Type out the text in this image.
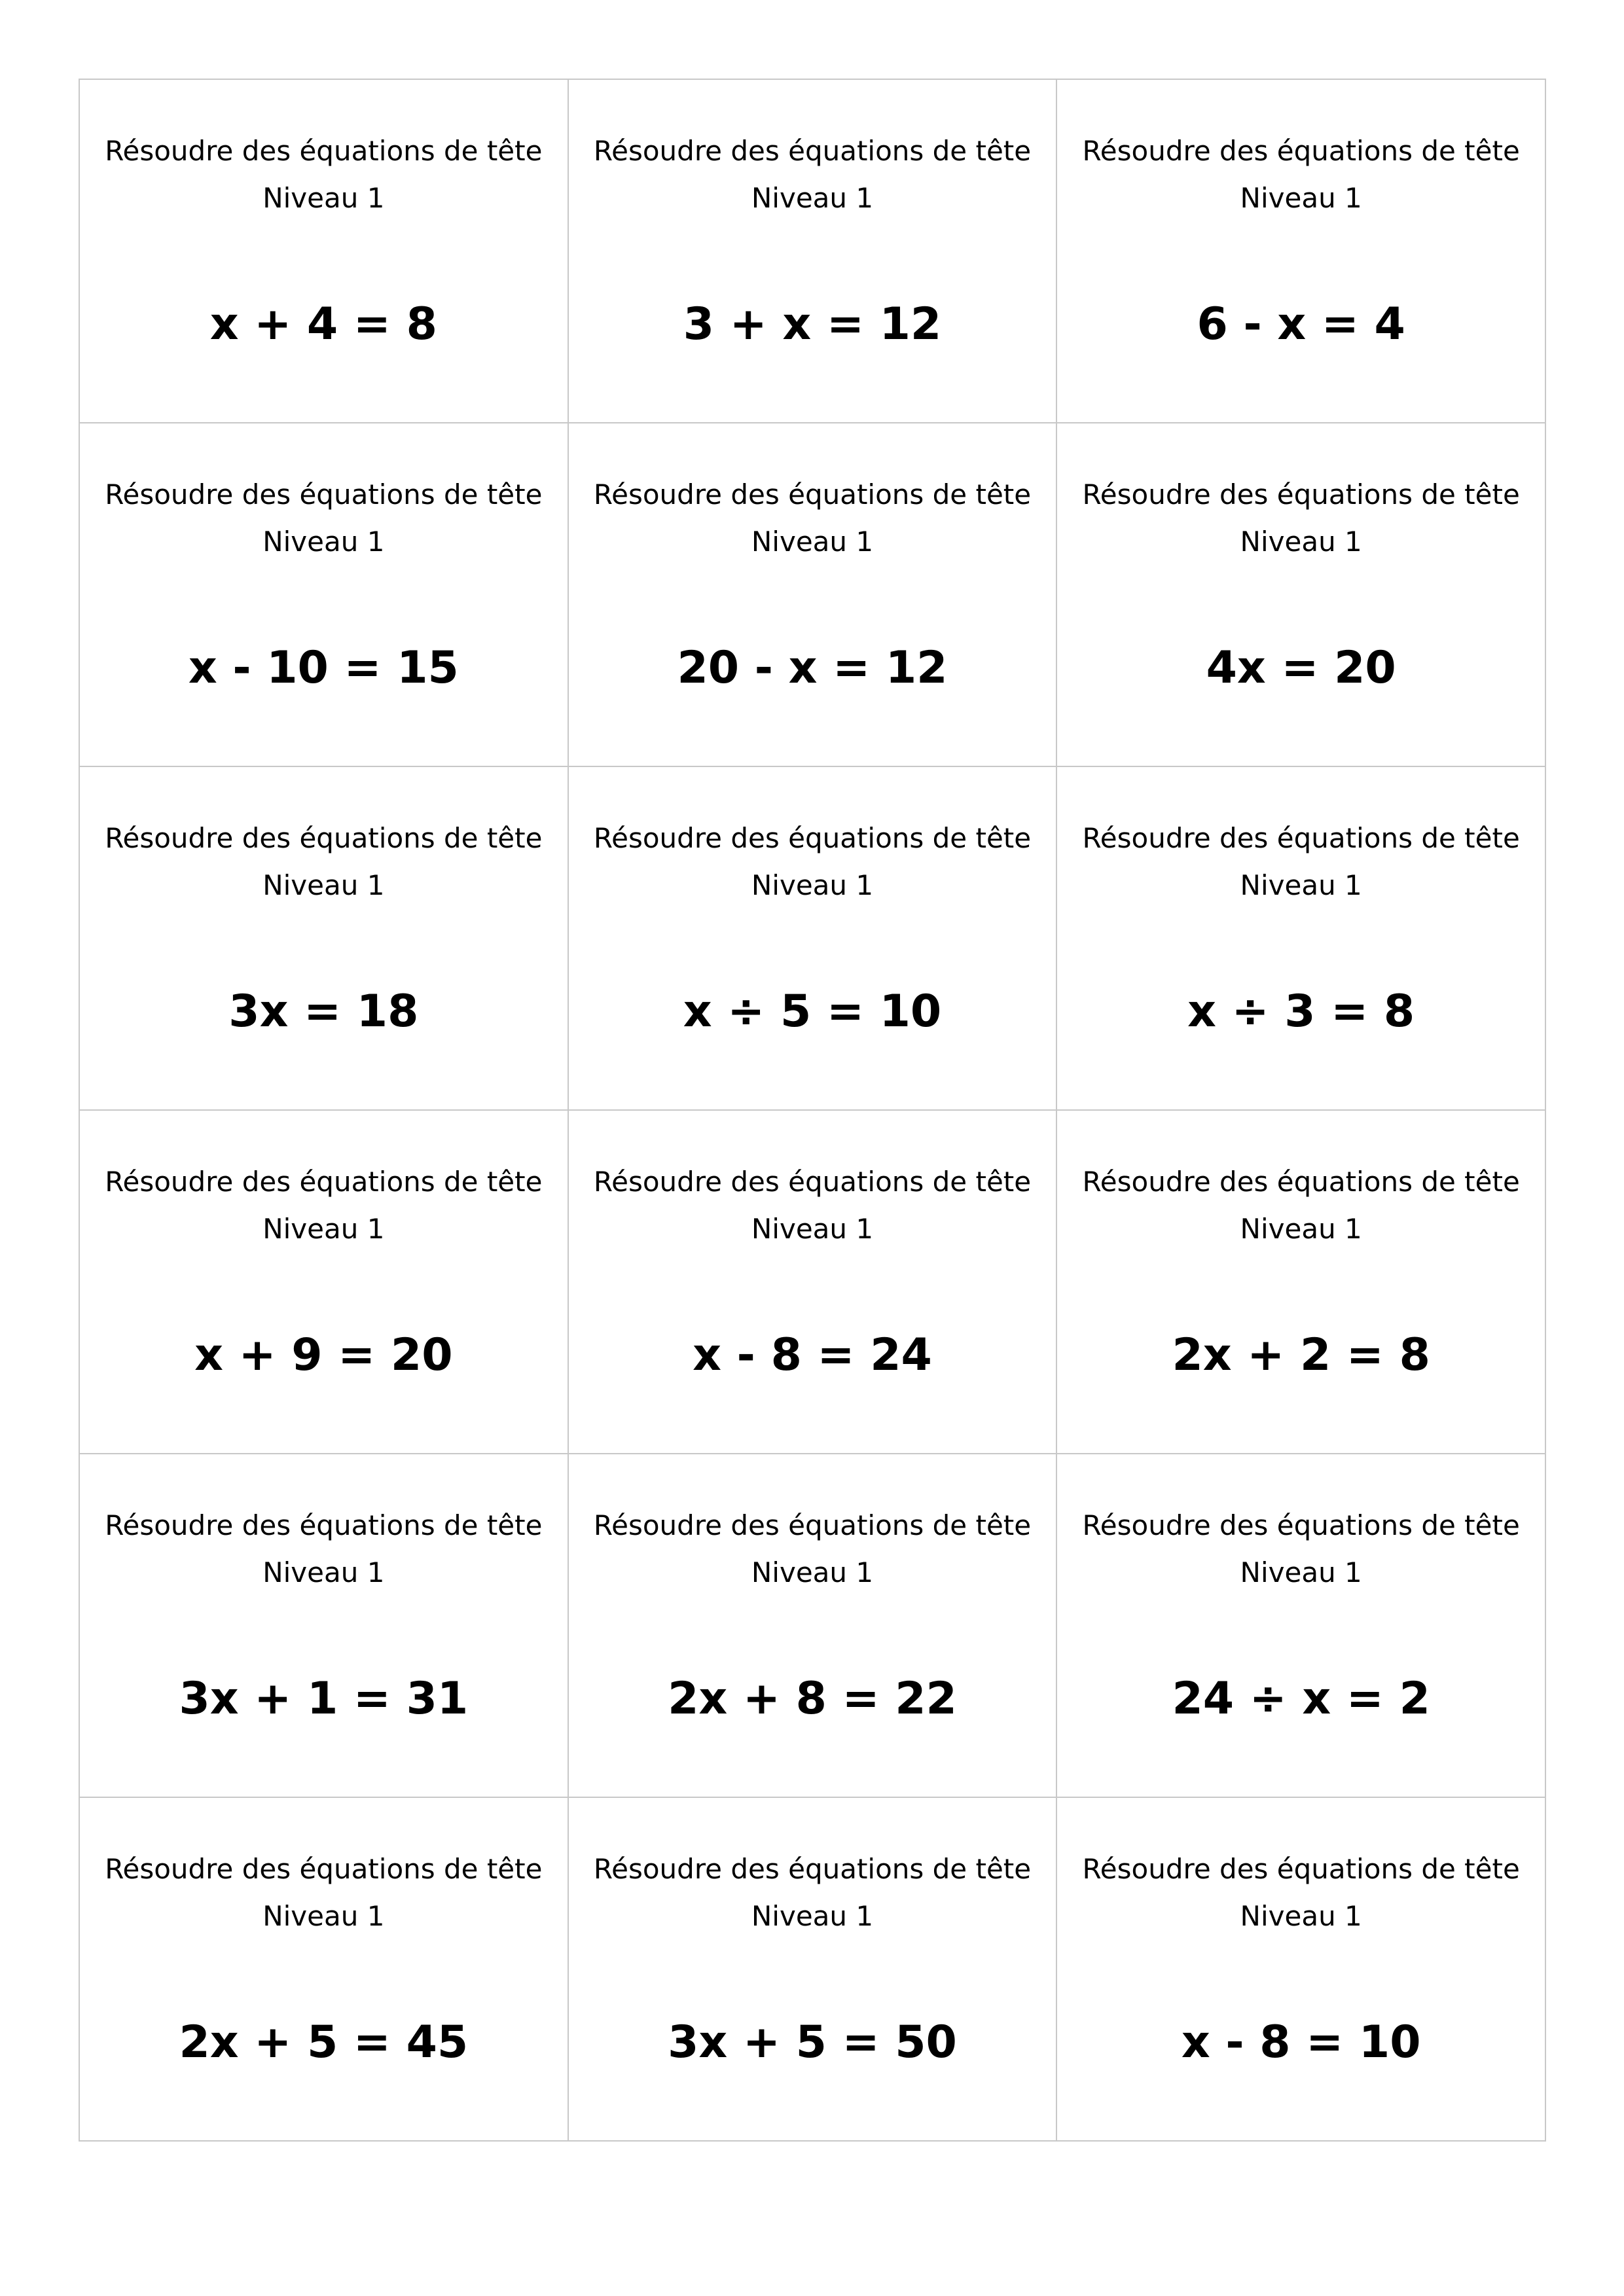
Résoudre des équations de tête
Niveau 1
x + 4 = 8
Résoudre des équations de tête
Niveau 1
3 + x = 12
Résoudre des équations de tête
Niveau 1
6 - x = 4
Résoudre des équations de tête
Niveau 1
x - 10 = 15
Résoudre des équations de tête
Niveau 1
20 - x = 12
Résoudre des équations de tête
Niveau 1
4x = 20
Résoudre des équations de tête
Niveau 1
3x = 18
Résoudre des équations de tête
Niveau 1
x ÷ 5 = 10
Résoudre des équations de tête
Niveau 1
x ÷ 3 = 8
Résoudre des équations de tête
Niveau 1
x + 9 = 20
Résoudre des équations de tête
Niveau 1
x - 8 = 24
Résoudre des équations de tête
Niveau 1
2x + 2 = 8
Résoudre des équations de tête
Niveau 1
3x + 1 = 31
Résoudre des équations de tête
Niveau 1
2x + 8 = 22
Résoudre des équations de tête
Niveau 1
24 ÷ x = 2
Résoudre des équations de tête
Niveau 1
2x + 5 = 45
Résoudre des équations de tête
Niveau 1
3x + 5 = 50
Résoudre des équations de tête
Niveau 1
x - 8 = 10
